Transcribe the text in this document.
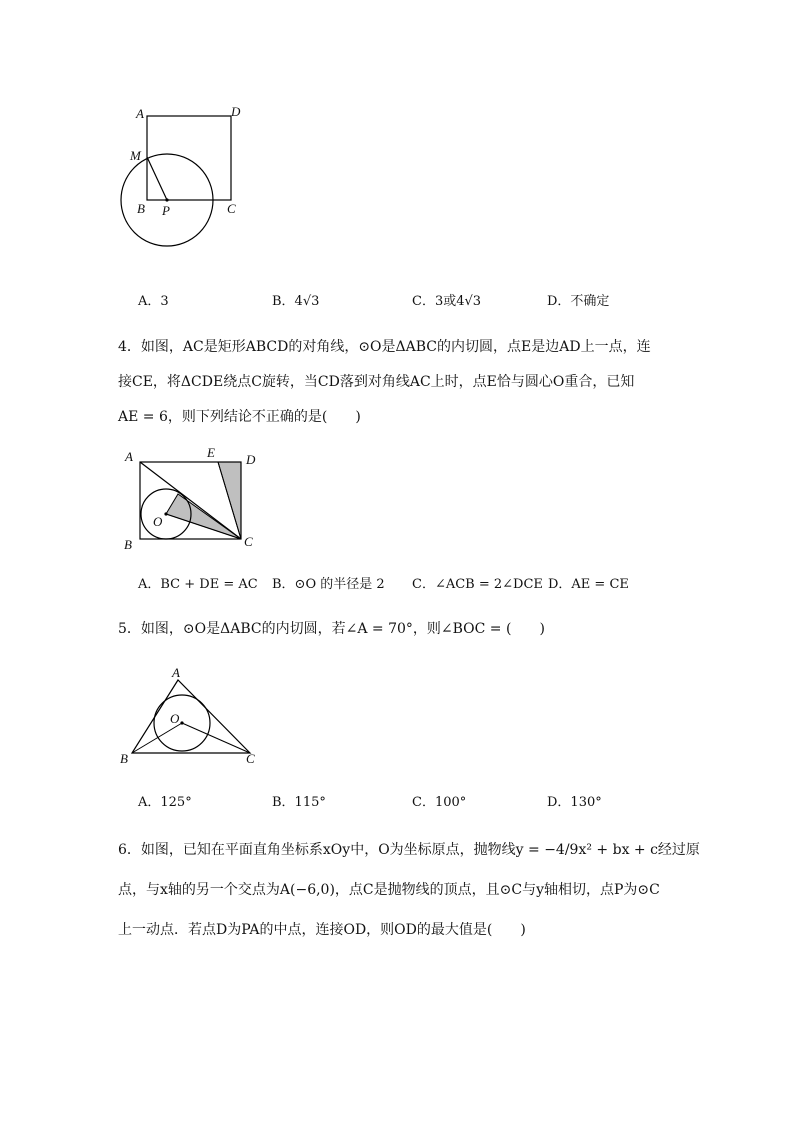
A	D
M
B P	C
A．3	B．4√3	C．3或4√3	D．不确定
4．如图，AC是矩形ABCD的对角线，⊙O是ΔABC的内切圆，点E是边AD上一点，连
接CE，将ΔCDE绕点C旋转，当CD落到对角线AC上时，点E恰与圆心O重合，已知
AE = 6，则下列结论不正确的是(　　)
A	E D
O
B	C
A．BC + DE = AC B．⊙O 的半径是 2 C．∠ACB = 2∠DCE D．AE = CE
5．如图，⊙O是ΔABC的内切圆，若∠A = 70°，则∠BOC = (　　)
A
O
B	C
A．125°	B．115°	C．100°	D．130°
6．如图，已知在平面直角坐标系xOy中，O为坐标原点，抛物线y = −4/9x² + bx + c经过原
点，与x轴的另一个交点为A(−6,0)，点C是抛物线的顶点，且⊙C与y轴相切，点P为⊙C
上一动点．若点D为PA的中点，连接OD，则OD的最大值是(　　)
